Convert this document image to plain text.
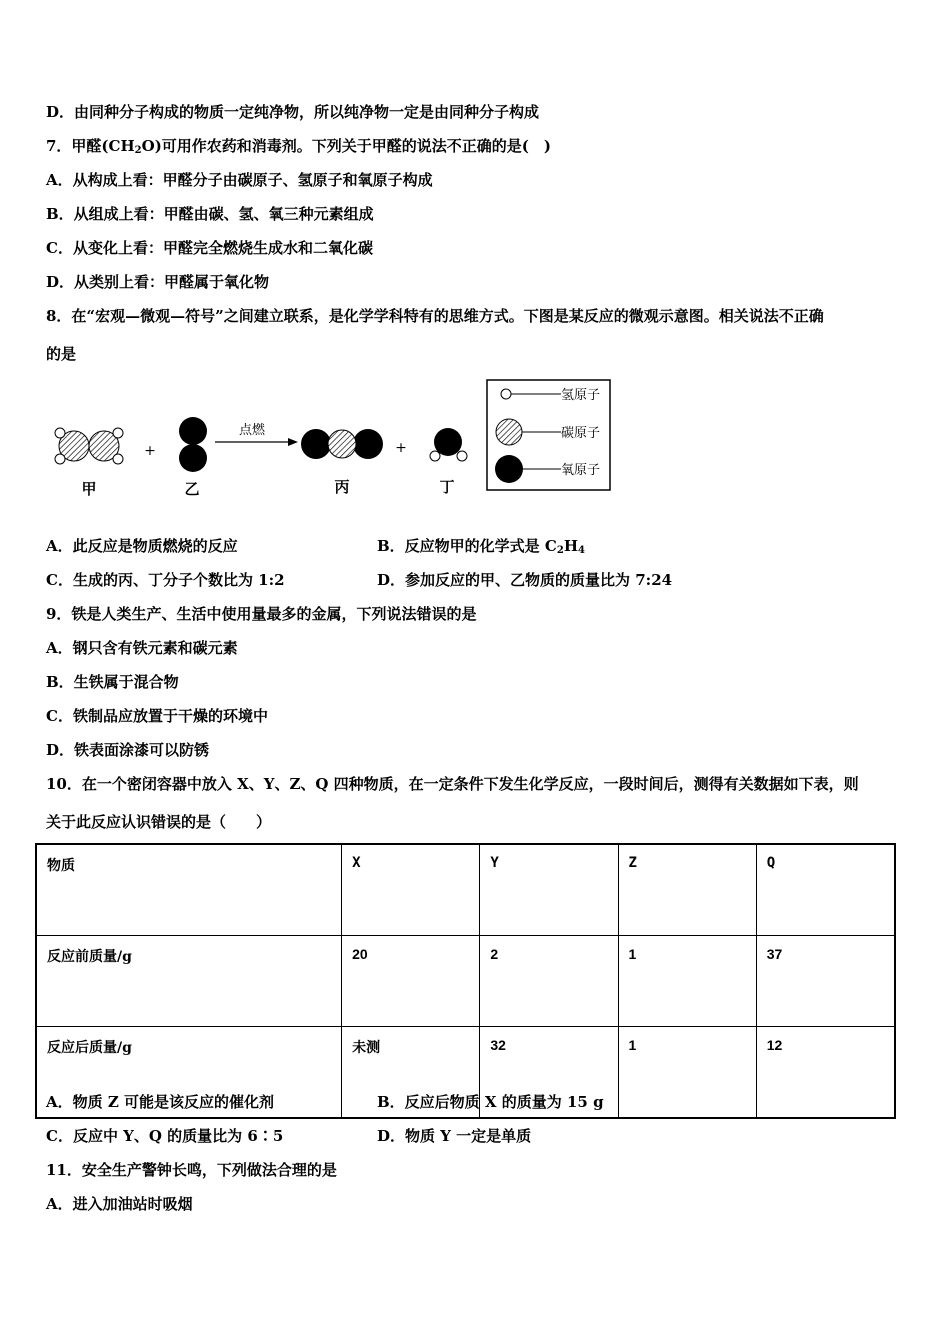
D．由同种分子构成的物质一定纯净物，所以纯净物一定是由同种分子构成
7．甲醛$(CH_2O)$可用作农药和消毒剂。下列关于甲醛的说法不正确的是(　)
A．从构成上看：甲醛分子由碳原子、氢原子和氧原子构成
B．从组成上看：甲醛由碳、氢、氧三种元素组成
C．从变化上看：甲醛完全燃烧生成水和二氧化碳
D．从类别上看：甲醛属于氧化物
8．在“宏观—微观—符号”之间建立联系，是化学学科特有的思维方式。下图是某反应的微观示意图。相关说法不正确
的是
甲
+
乙
点燃
丙
+
丁
氢原子
碳原子
氧原子
A．此反应是物质燃烧的反应	B．反应物甲的化学式是 $C_2H_4$
C．生成的丙、丁分子个数比为 1:2	D．参加反应的甲、乙物质的质量比为 7:24
9．铁是人类生产、生活中使用量最多的金属，下列说法错误的是
A．钢只含有铁元素和碳元素
B．生铁属于混合物
C．铁制品应放置于干燥的环境中
D．铁表面涂漆可以防锈
10．在一个密闭容器中放入 X、Y、Z、Q 四种物质，在一定条件下发生化学反应，一段时间后，测得有关数据如下表，则
关于此反应认识错误的是（　　）
物质	X	Y	Z	Q
反应前质量/g	20	2	1	37
反应后质量/g	未测	32	1	12
A．物质 Z 可能是该反应的催化剂	B．反应后物质 X 的质量为 15 g
C．反应中 Y、Q 的质量比为 6∶5	D．物质 Y 一定是单质
11．安全生产警钟长鸣，下列做法合理的是
A．进入加油站时吸烟
